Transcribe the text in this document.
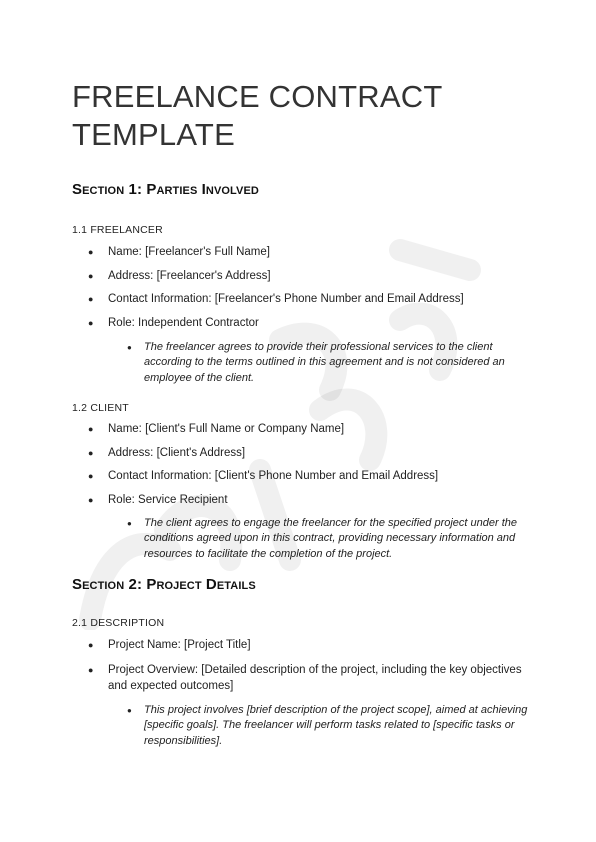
FREELANCE CONTRACT
TEMPLATE
Section 1: Parties Involved

1.1 FREELANCER

● Name: [Freelancer's Full Name]
● Address: [Freelancer's Address]
● Contact Information: [Freelancer's Phone Number and Email Address]
● Role: Independent Contractor
● The freelancer agrees to provide their professional services to the client according to the terms outlined in this agreement and is not considered an employee of the client.

1.2 CLIENT

● Name: [Client's Full Name or Company Name]
● Address: [Client's Address]
● Contact Information: [Client's Phone Number and Email Address]
● Role: Service Recipient
● The client agrees to engage the freelancer for the specified project under the conditions agreed upon in this contract, providing necessary information and resources to facilitate the completion of the project.
Section 2: Project Details

2.1 DESCRIPTION

● Project Name: [Project Title]
● Project Overview: [Detailed description of the project, including the key objectives and expected outcomes]
● This project involves [brief description of the project scope], aimed at achieving [specific goals]. The freelancer will perform tasks related to [specific tasks or responsibilities].
